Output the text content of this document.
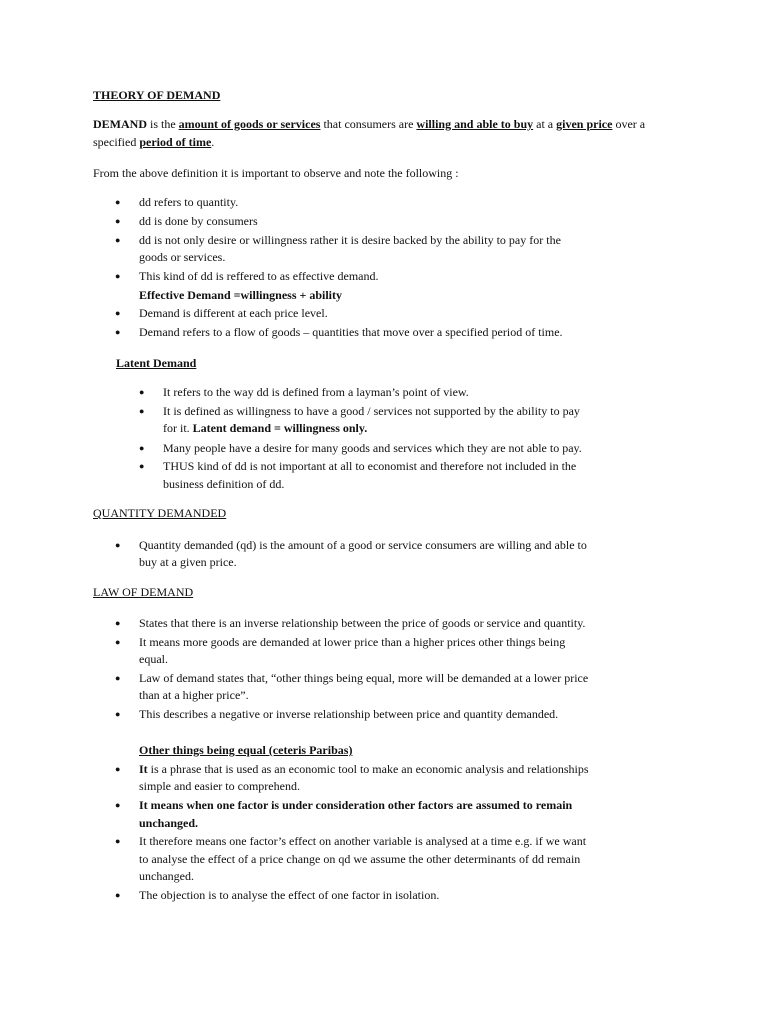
THEORY OF DEMAND
DEMAND is the amount of goods or services that consumers are willing and able to buy at a given price over a specified period of time.
From the above definition it is important to observe and note the following :
● dd refers to quantity.
● dd is done by consumers
● dd is not only desire or willingness rather it is desire backed by the ability to pay for the
goods or services.
● This kind of dd is reffered to as effective demand.
Effective Demand =willingness + ability
● Demand is different at each price level.
● Demand refers to a flow of goods – quantities that move over a specified period of time.
Latent Demand
● It refers to the way dd is defined from a layman’s point of view.
● It is defined as willingness to have a good / services not supported by the ability to pay
for it. Latent demand = willingness only.
● Many people have a desire for many goods and services which they are not able to pay.
● THUS kind of dd is not important at all to economist and therefore not included in the
business definition of dd.
QUANTITY DEMANDED
● Quantity demanded (qd) is the amount of a good or service consumers are willing and able to
buy at a given price.
LAW OF DEMAND
● States that there is an inverse relationship between the price of goods or service and quantity.
● It means more goods are demanded at lower price than a higher prices other things being
equal.
● Law of demand states that, “other things being equal, more will be demanded at a lower price
than at a higher price”.
● This describes a negative or inverse relationship between price and quantity demanded.
Other things being equal (ceteris Paribas)
● It is a phrase that is used as an economic tool to make an economic analysis and relationships
simple and easier to comprehend.
● It means when one factor is under consideration other factors are assumed to remain
unchanged.
● It therefore means one factor’s effect on another variable is analysed at a time e.g. if we want
to analyse the effect of a price change on qd we assume the other determinants of dd remain
unchanged.
● The objection is to analyse the effect of one factor in isolation.
